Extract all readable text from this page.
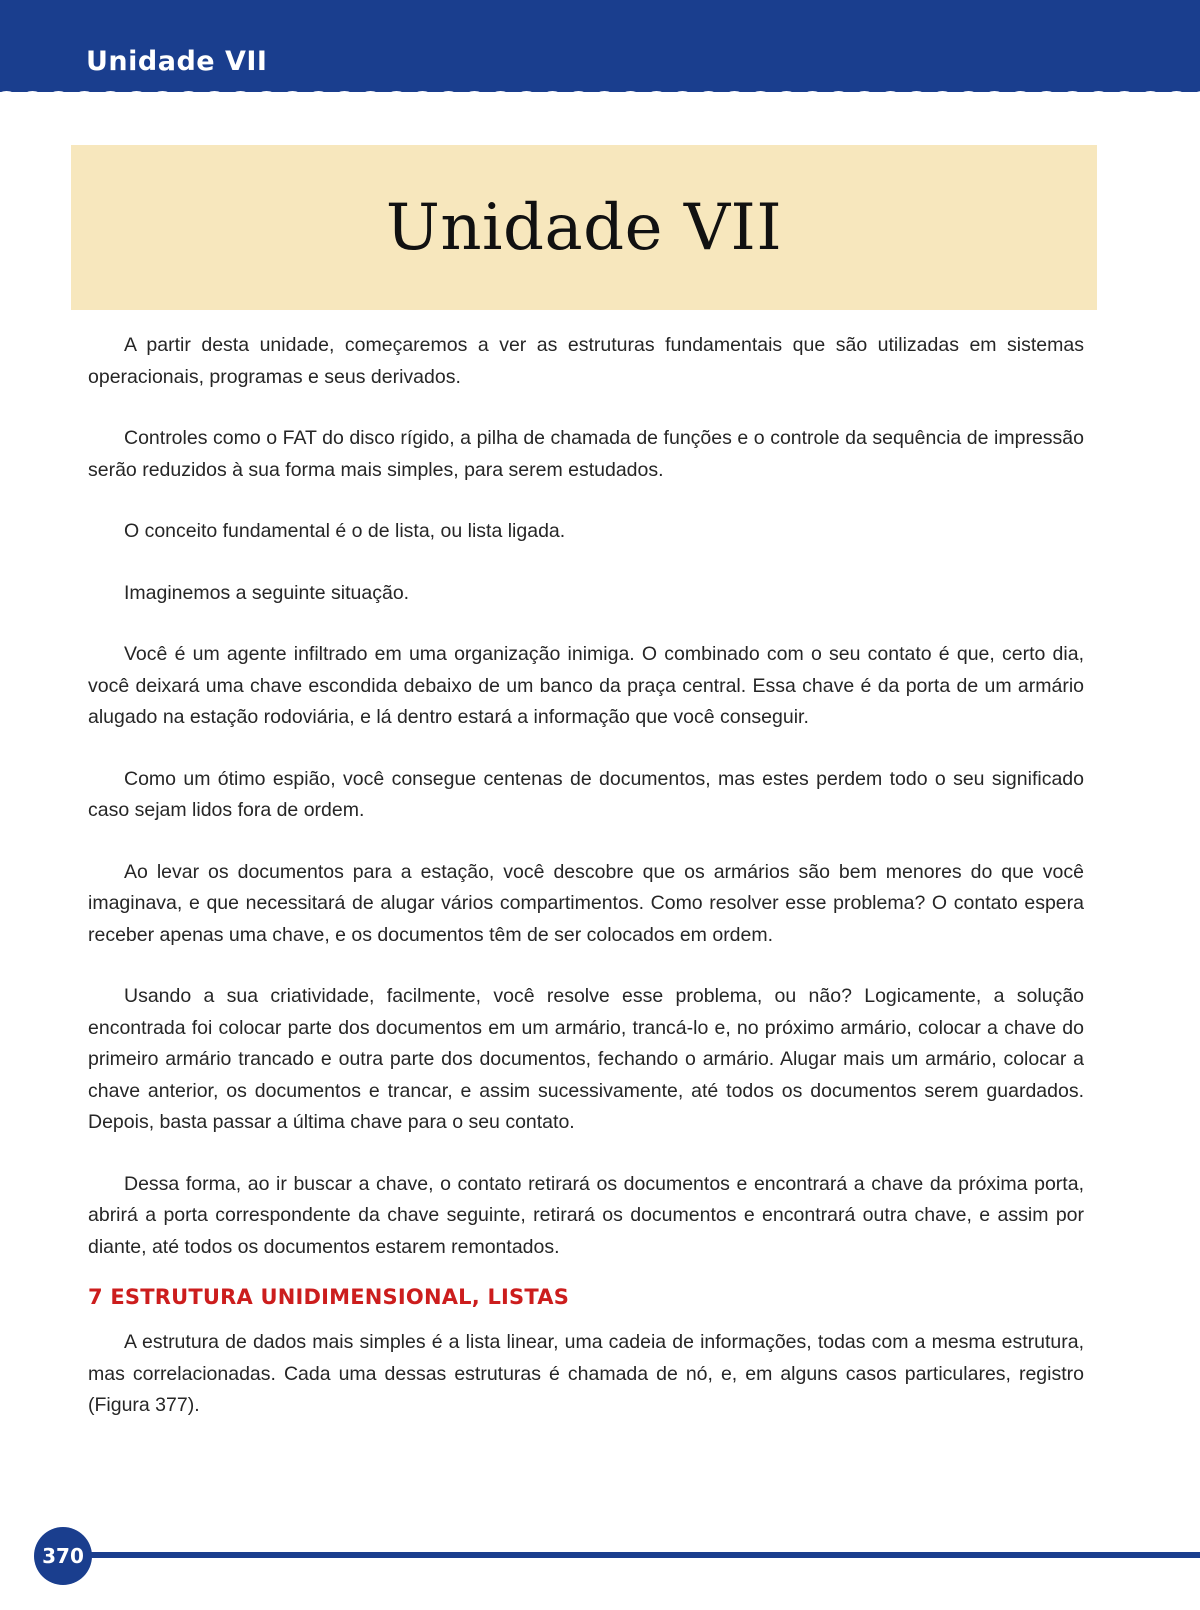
Unidade VII
Unidade VII

A partir desta unidade, começaremos a ver as estruturas fundamentais que são utilizadas em sistemas operacionais, programas e seus derivados.

Controles como o FAT do disco rígido, a pilha de chamada de funções e o controle da sequência de impressão serão reduzidos à sua forma mais simples, para serem estudados.

O conceito fundamental é o de lista, ou lista ligada.

Imaginemos a seguinte situação.

Você é um agente infiltrado em uma organização inimiga. O combinado com o seu contato é que, certo dia, você deixará uma chave escondida debaixo de um banco da praça central. Essa chave é da porta de um armário alugado na estação rodoviária, e lá dentro estará a informação que você conseguir.

Como um ótimo espião, você consegue centenas de documentos, mas estes perdem todo o seu significado caso sejam lidos fora de ordem.

Ao levar os documentos para a estação, você descobre que os armários são bem menores do que você imaginava, e que necessitará de alugar vários compartimentos. Como resolver esse problema? O contato espera receber apenas uma chave, e os documentos têm de ser colocados em ordem.

Usando a sua criatividade, facilmente, você resolve esse problema, ou não? Logicamente, a solução encontrada foi colocar parte dos documentos em um armário, trancá-lo e, no próximo armário, colocar a chave do primeiro armário trancado e outra parte dos documentos, fechando o armário. Alugar mais um armário, colocar a chave anterior, os documentos e trancar, e assim sucessivamente, até todos os documentos serem guardados. Depois, basta passar a última chave para o seu contato.

Dessa forma, ao ir buscar a chave, o contato retirará os documentos e encontrará a chave da próxima porta, abrirá a porta correspondente da chave seguinte, retirará os documentos e encontrará outra chave, e assim por diante, até todos os documentos estarem remontados.

7 ESTRUTURA UNIDIMENSIONAL, LISTAS

A estrutura de dados mais simples é a lista linear, uma cadeia de informações, todas com a mesma estrutura, mas correlacionadas. Cada uma dessas estruturas é chamada de nó, e, em alguns casos particulares, registro (Figura 377).

370
